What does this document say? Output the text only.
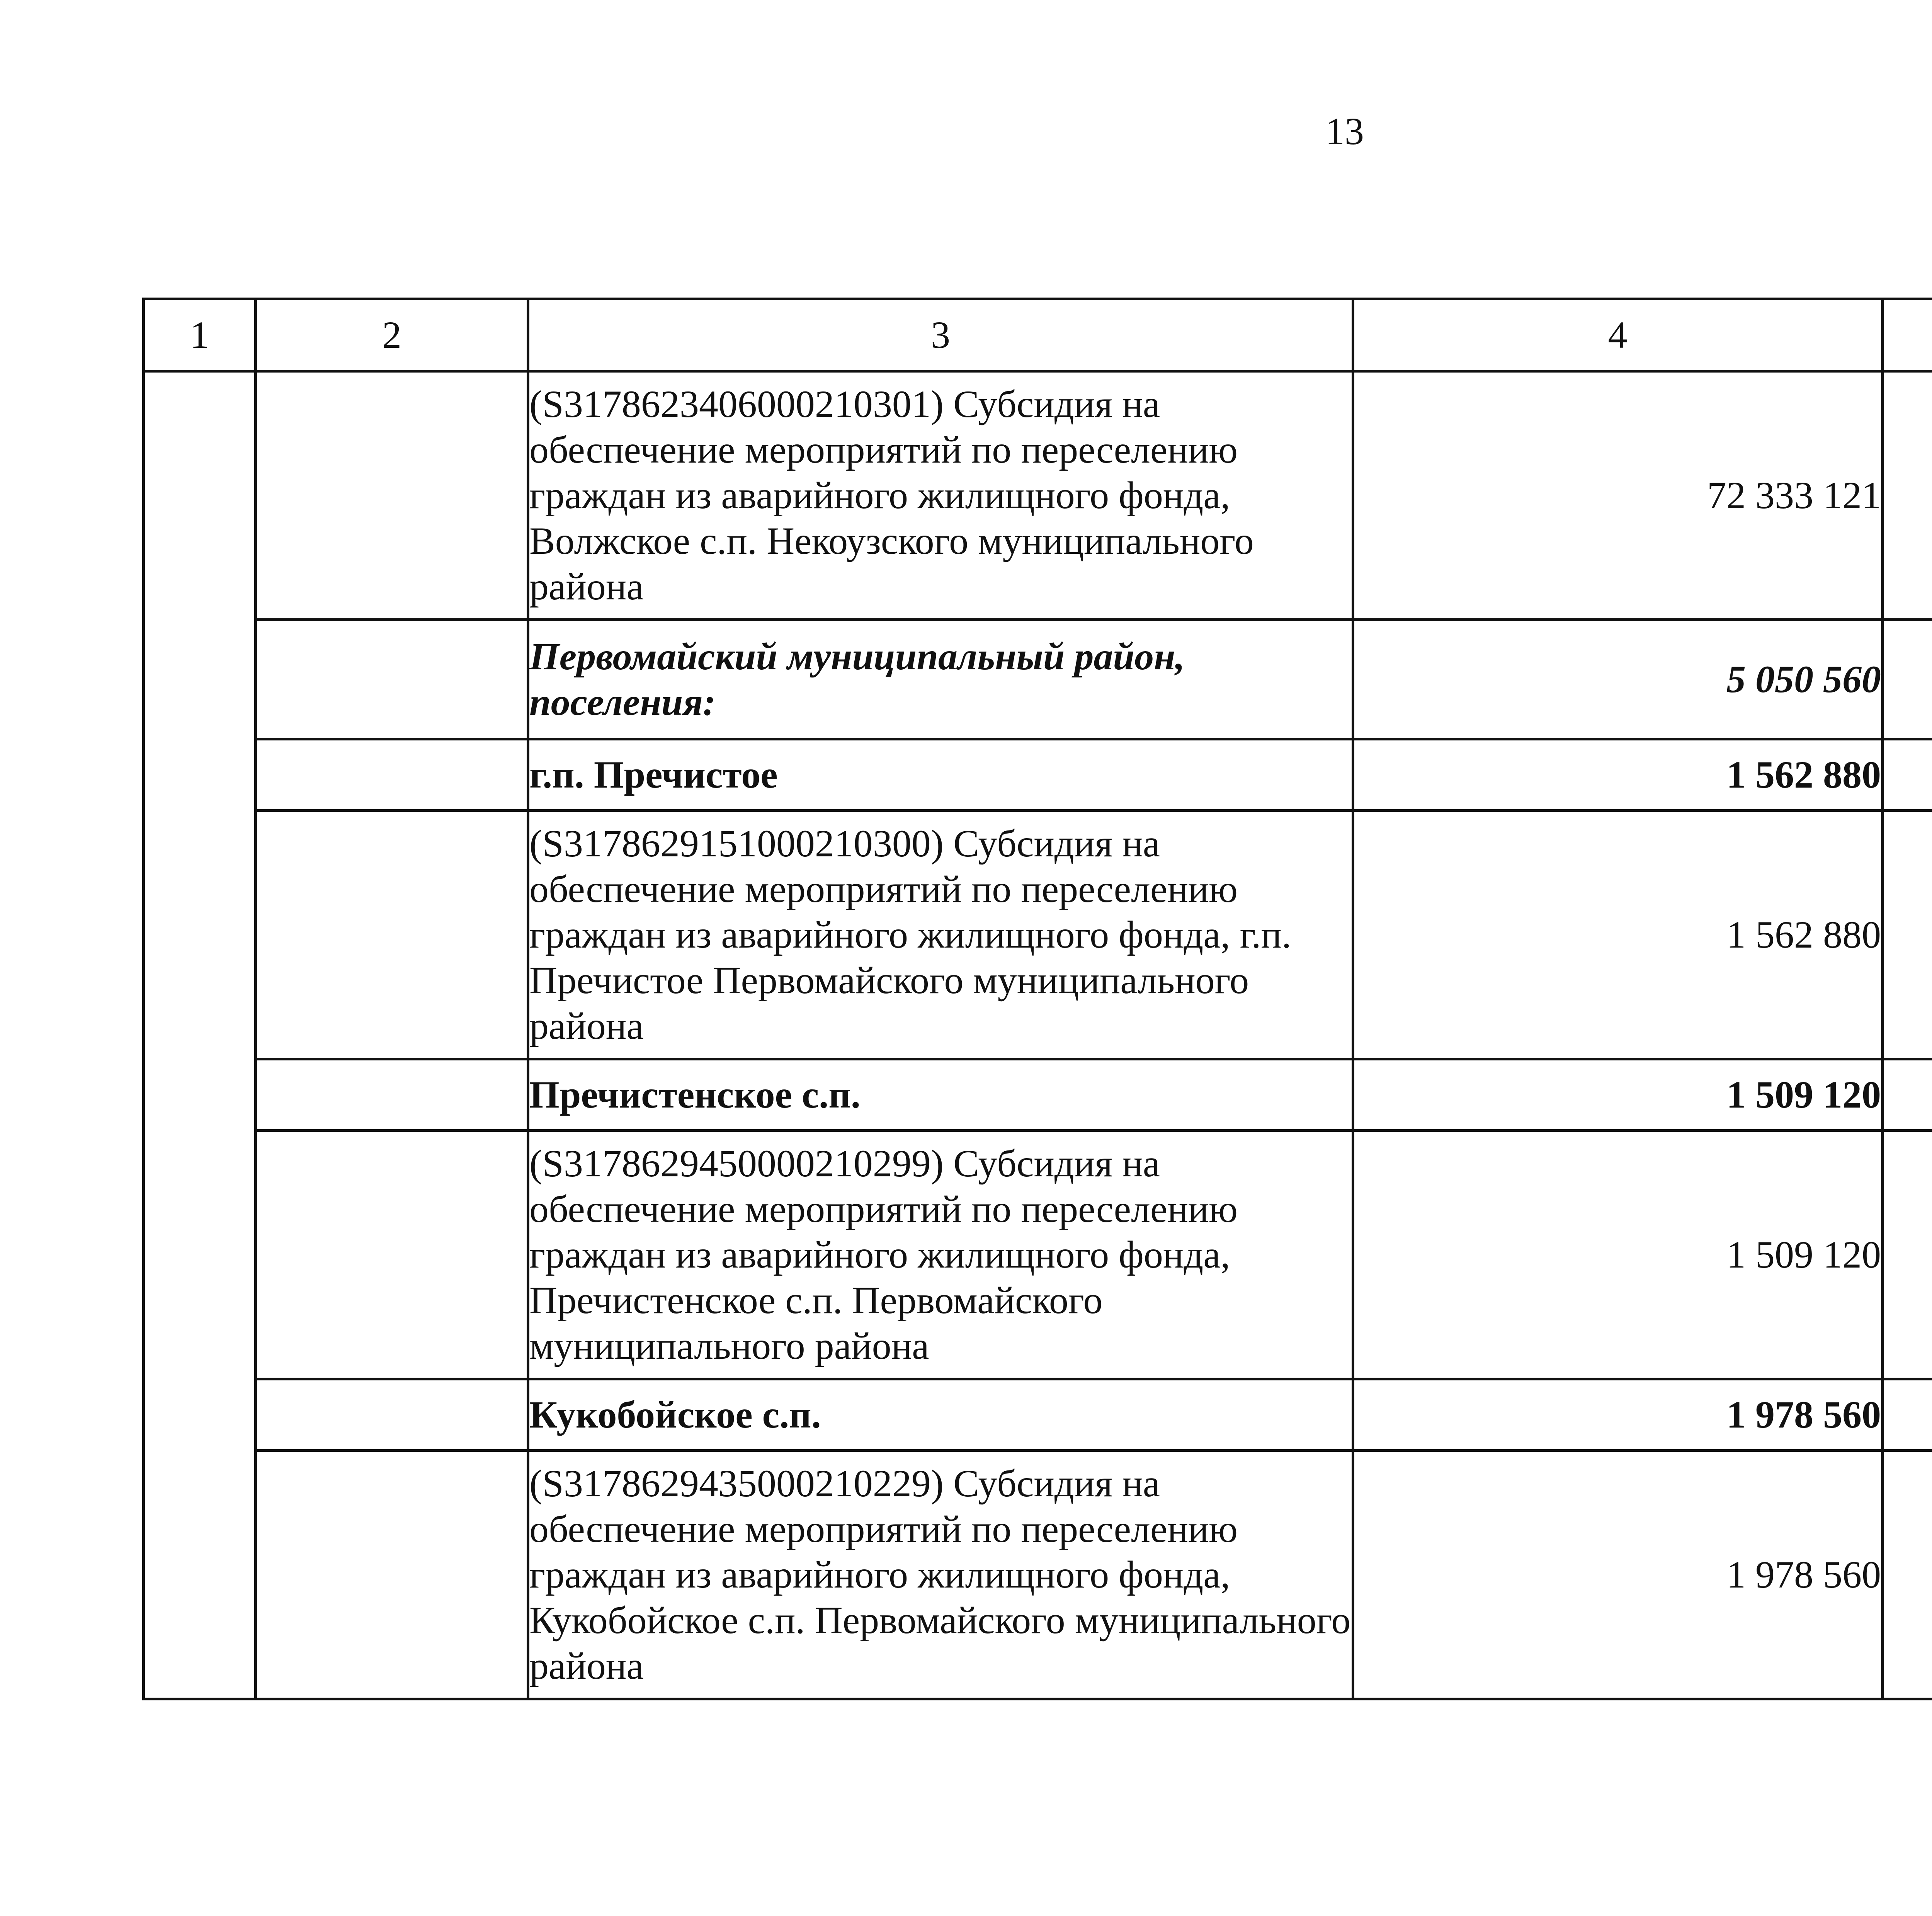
13
1	2	3	4			
		(S3178623406000210301) Субсидия на обеспечение мероприятий по переселению граждан из аварийного жилищного фонда, Волжское с.п. Некоузского муниципального района	72 333 121			
		Первомайский муниципальный район, поселения:	5 050 560			
		г.п. Пречистое	1 562 880			
		(S3178629151000210300) Субсидия на обеспечение мероприятий по переселению граждан из аварийного жилищного фонда, г.п. Пречистое Первомайского муниципального района	1 562 880			
		Пречистенское с.п.	1 509 120			
		(S3178629450000210299) Субсидия на обеспечение мероприятий по переселению граждан из аварийного жилищного фонда, Пречистенское с.п. Первомайского муниципального района	1 509 120			
		Кукобойское с.п.	1 978 560			
		(S3178629435000210229) Субсидия на обеспечение мероприятий по переселению граждан из аварийного жилищного фонда, Кукобойское с.п. Первомайского муниципального района	1 978 560			
